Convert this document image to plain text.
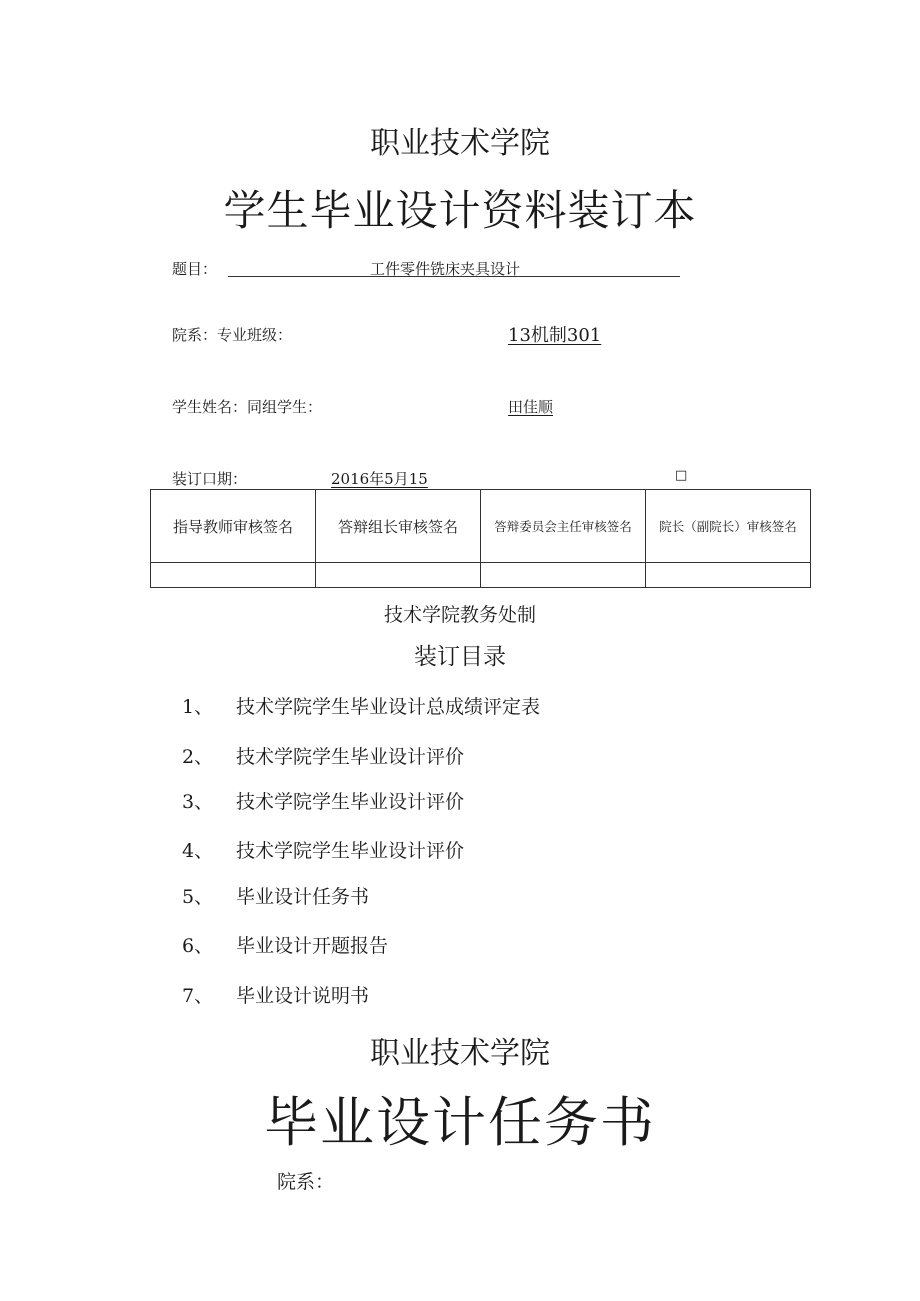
职业技术学院
学生毕业设计资料装订本
题目：	工件零件铣床夹具设计
院系：专业班级：	13机制301
学生姓名：同组学生：	田佳顺
装订口期：	2016年5月15	□
指导教师审核签名	答辩组长审核签名	答辩委员会主任审核签名	院长（副院长）审核签名

技术学院教务处制
装订目录
1、 技术学院学生毕业设计总成绩评定表
2、 技术学院学生毕业设计评价
3、 技术学院学生毕业设计评价
4、 技术学院学生毕业设计评价
5、 毕业设计任务书
6、 毕业设计开题报告
7、 毕业设计说明书
职业技术学院
毕业设计任务书
院系：
